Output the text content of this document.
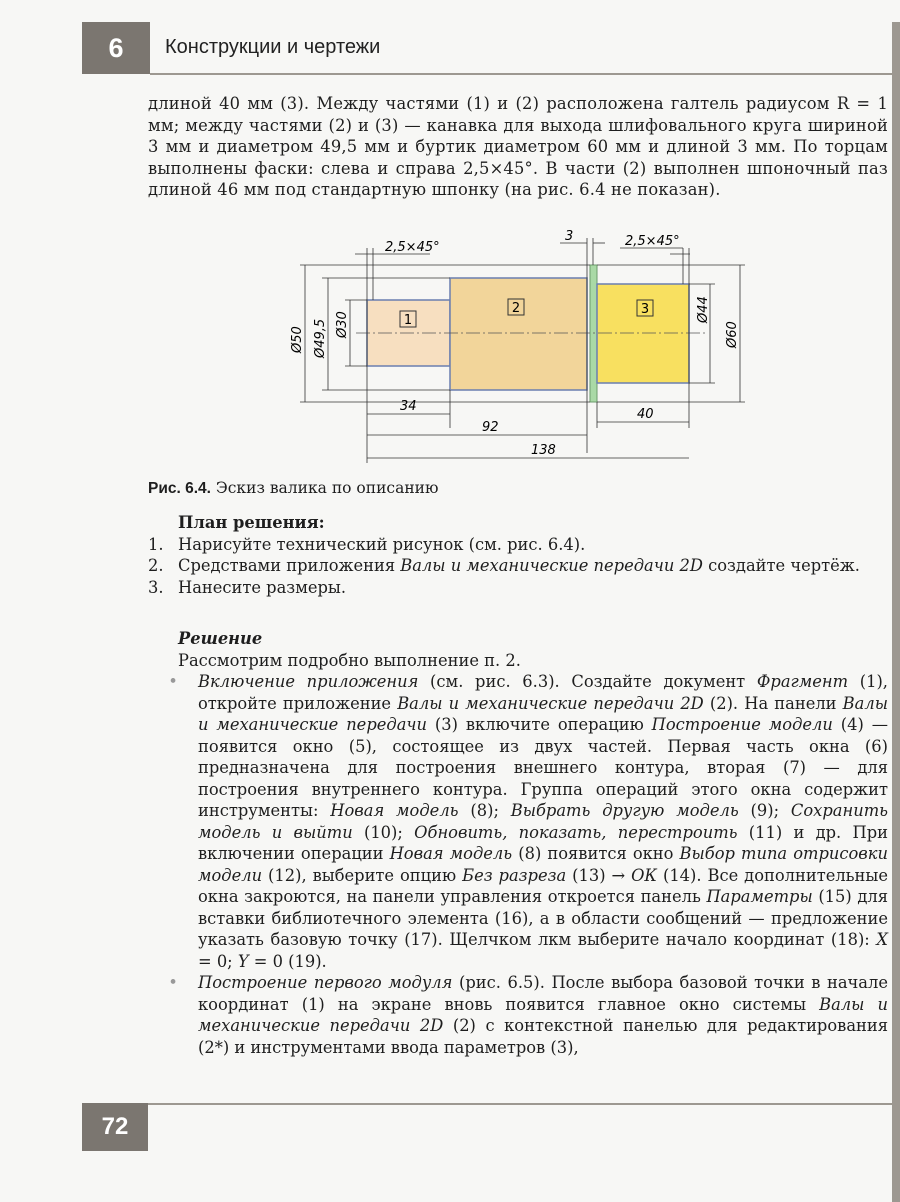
6	Конструкции и чертежи

длиной 40 мм (3). Между частями (1) и (2) расположена галтель радиусом R = 1 мм; между частями (2) и (3) — канавка для выхода шлифовального круга шириной 3 мм и диаметром 49,5 мм и буртик диаметром 60 мм и длиной 3 мм. По торцам выполнены фаски: слева и справа 2,5×45°. В части (2) выполнен шпоночный паз длиной 46 мм под стандартную шпонку (на рис. 6.4 не показан).

1
2	3
2,5×45°
3	2,5×45°
Ø50 Ø49,5 Ø30
Ø44
Ø60
34
92
40
138
Рис. 6.4. Эскиз валика по описанию
План решения:
1. Нарисуйте технический рисунок (см. рис. 6.4).
2. Средствами приложения Валы и механические передачи 2D создайте чертёж.
3. Нанесите размеры.
Решение
Рассмотрим подробно выполнение п. 2.
•	Включение приложения (см. рис. 6.3). Создайте документ Фрагмент (1), откройте приложение Валы и механические передачи 2D (2). На панели Валы и механические передачи (3) включите операцию Построение модели (4) — появится окно (5), состоящее из двух частей. Первая часть окна (6) предназначена для построения внешнего контура, вторая (7) — для построения внутреннего контура. Группа операций этого окна содержит инструменты: Новая модель (8); Выбрать другую модель (9); Сохранить модель и выйти (10); Обновить, показать, перестроить (11) и др. При включении операции Новая модель (8) появится окно Выбор типа отрисовки модели (12), выберите опцию Без разреза (13) → ОК (14). Все дополнительные окна закроются, на панели управления откроется панель Параметры (15) для вставки библиотечного элемента (16), а в области сообщений — предложение указать базовую точку (17). Щелчком лкм выберите начало координат (18): X = 0; Y = 0 (19).
•	Построение первого модуля (рис. 6.5). После выбора базовой точки в начале координат (1) на экране вновь появится главное окно системы Валы и механические передачи 2D (2) с контекстной панелью для редактирования (2*) и инструментами ввода параметров (3),
72
